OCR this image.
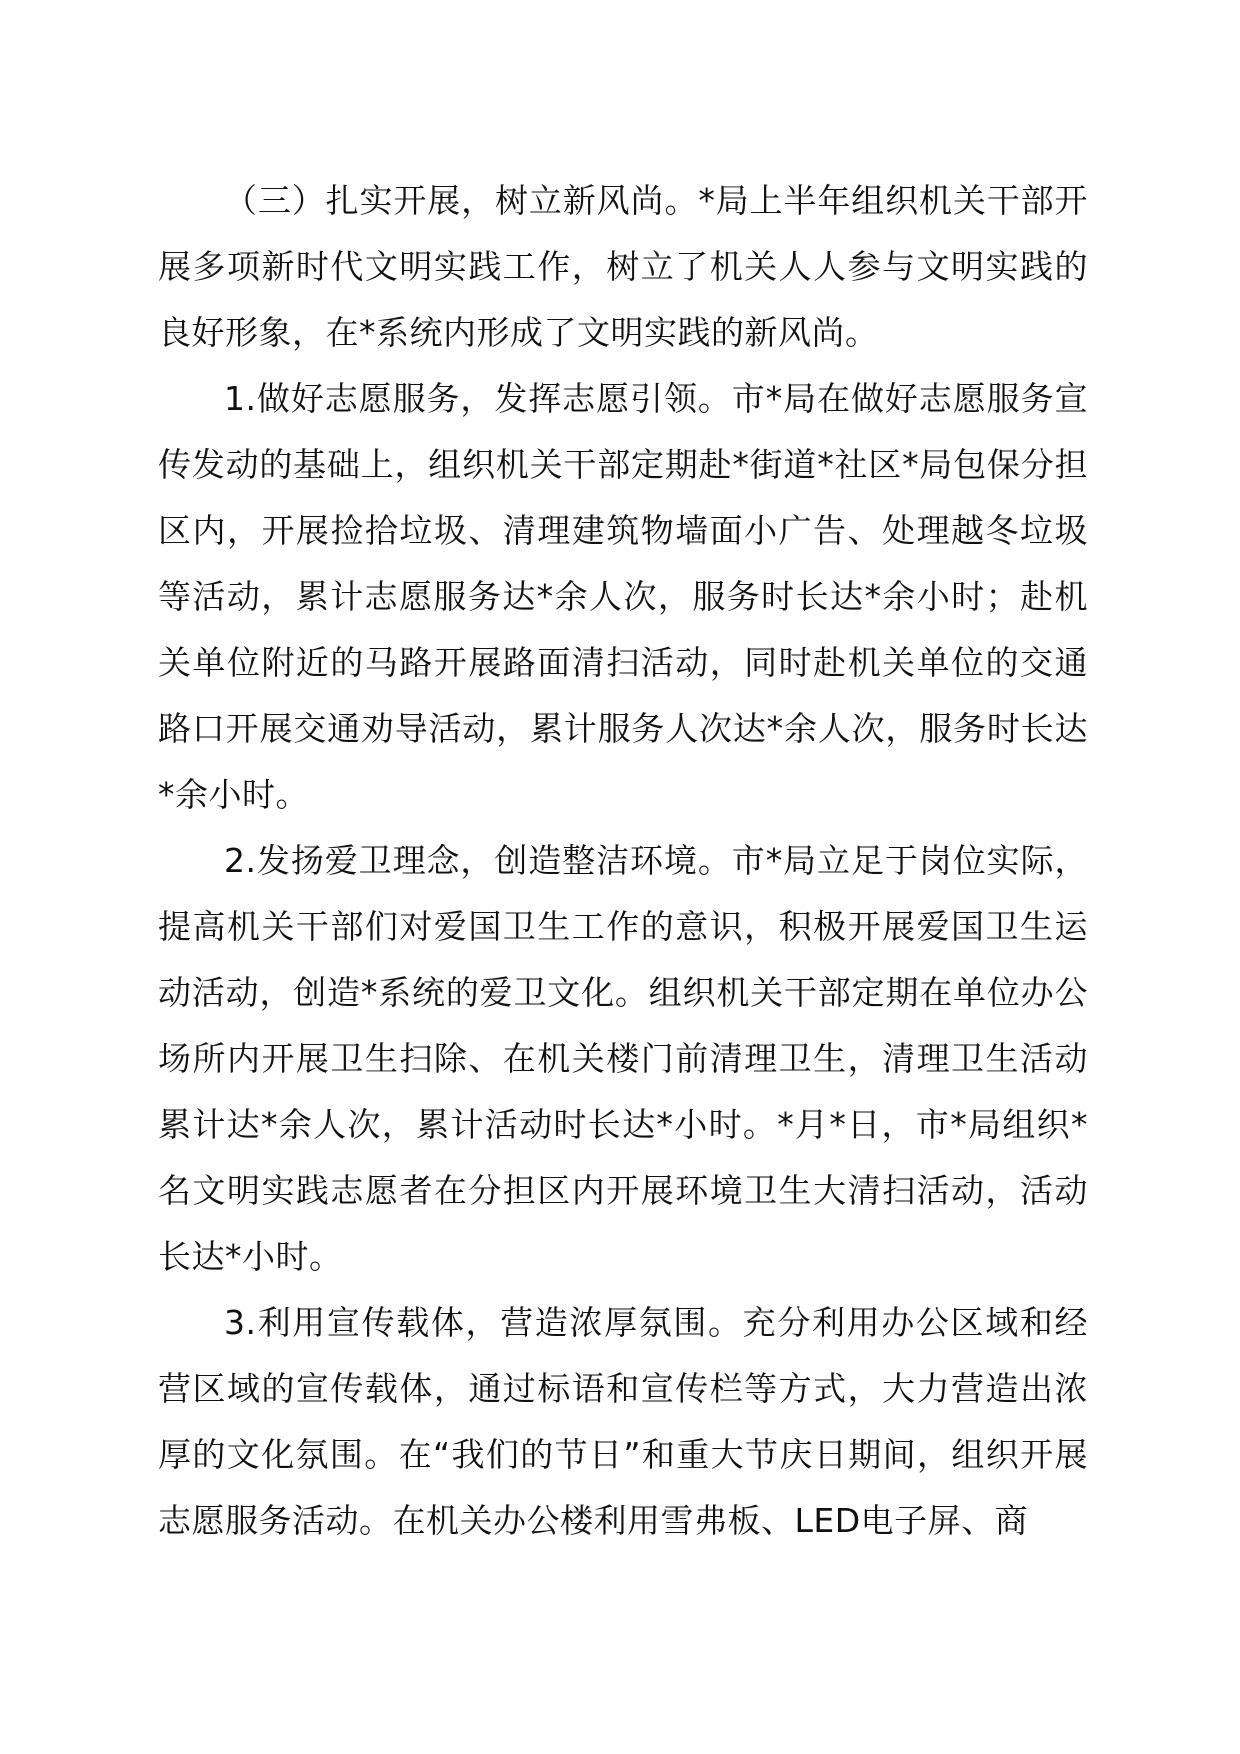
（三）扎实开展，树立新风尚。*局上半年组织机关干部开展多项新时代文明实践工作，树立了机关人人参与文明实践的良好形象，在*系统内形成了文明实践的新风尚。

1.做好志愿服务，发挥志愿引领。市*局在做好志愿服务宣传发动的基础上，组织机关干部定期赴*街道*社区*局包保分担区内，开展捡拾垃圾、清理建筑物墙面小广告、处理越冬垃圾等活动，累计志愿服务达*余人次，服务时长达*余小时；赴机关单位附近的马路开展路面清扫活动，同时赴机关单位的交通路口开展交通劝导活动，累计服务人次达*余人次，服务时长达*余小时。

2.发扬爱卫理念，创造整洁环境。市*局立足于岗位实际，提高机关干部们对爱国卫生工作的意识，积极开展爱国卫生运动活动，创造*系统的爱卫文化。组织机关干部定期在单位办公场所内开展卫生扫除、在机关楼门前清理卫生，清理卫生活动累计达*余人次，累计活动时长达*小时。*月*日，市*局组织*名文明实践志愿者在分担区内开展环境卫生大清扫活动，活动长达*小时。

3.利用宣传载体，营造浓厚氛围。充分利用办公区域和经营区域的宣传载体，通过标语和宣传栏等方式，大力营造出浓厚的文化氛围。在“我们的节日”和重大节庆日期间，组织开展志愿服务活动。在机关办公楼利用雪弗板、LED电子屏、商
